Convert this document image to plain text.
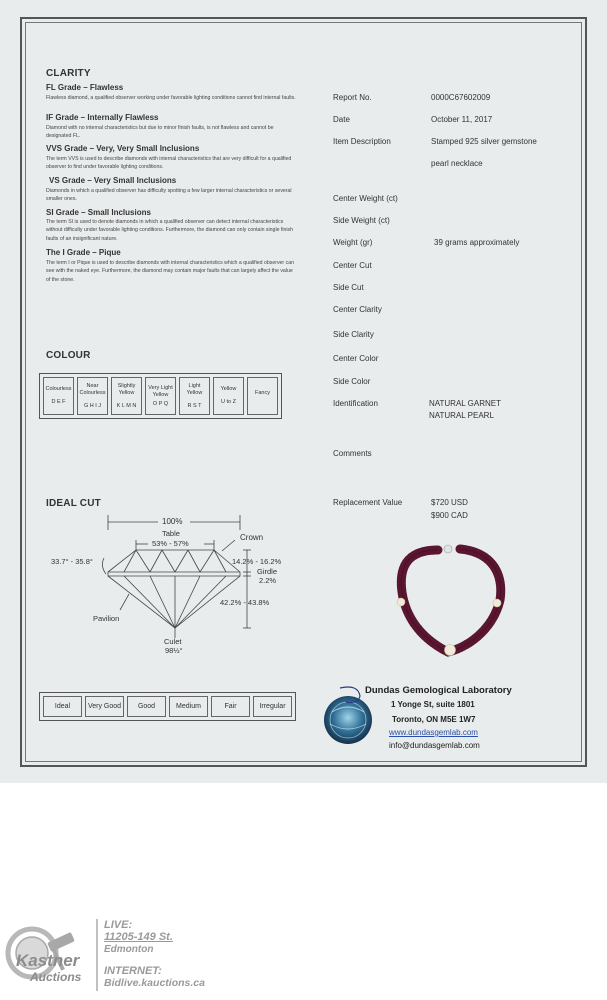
CLARITY
FL Grade – Flawless
Flawless diamond, a qualified observer working under favorable lighting conditions cannot find internal faults.
IF Grade – Internally Flawless
Diamond with no internal characteristics but due to minor finish faults, is not flawless and cannot be designated FL.
VVS Grade – Very, Very Small Inclusions
The term VVS is used to describe diamonds with internal characteristics that are very difficult for a qualified observer to find under favorable lighting conditions.
VS Grade – Very Small Inclusions
Diamonds in which a qualified observer has difficulty spotting a few larger internal characteristics or several smaller ones.
SI Grade – Small Inclusions
The term SI is used to denote diamonds in which a qualified observer can detect internal characteristics without difficulty under favorable lighting conditions. Furthermore, the diamond can only contain single finish faults of an insignificant nature.
The I Grade – Pique
The term I or Pique is used to describe diamonds with internal characteristics which a qualified observer can see with the naked eye. Furthermore, the diamond may contain major faults that can largely affect the value of the stone.
COLOUR
Colourless
D E F

Near Colourless
G H I J

Slightly Yellow
K L M N

Very Light Yellow
O P Q

Light Yellow
R S T

Yellow
U to Z

Fancy
IDEAL CUT
100%
Table
53% - 57%
Crown
33.7° - 35.8°	14.2% - 16.2%
Girdle
2.2%
42.2% - 43.8%
Pavilion
Culet
98½°
Ideal	Very Good	Good	Medium	Fair	Irregular
Report No.	0000C67602009
Date	October 11, 2017
Item Description	Stamped 925 silver gemstone
pearl necklace
Center Weight (ct)
Side Weight (ct)
Weight (gr)	39 grams approximately
Center Cut
Side Cut
Center Clarity
Side Clarity
Center Color
Side Color
Identification	NATURAL GARNET
NATURAL PEARL
Comments
Replacement Value	$720 USD
$900 CAD
Dundas Gemological Laboratory
1 Yonge St, suite 1801
Toronto, ON M5E 1W7
www.dundasgemlab.com
info@dundasgemlab.com
Kastner
Auctions
LIVE:
11205-149 St.
Edmonton
INTERNET:
Bidlive.kauctions.ca
